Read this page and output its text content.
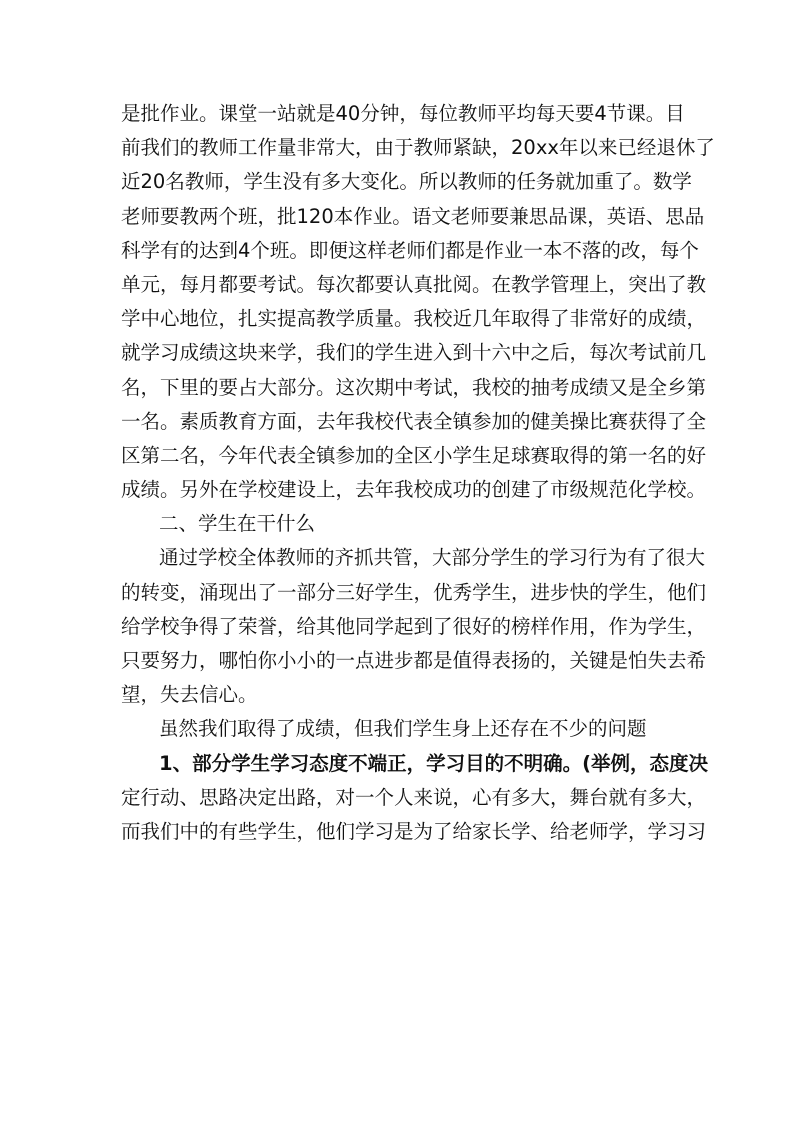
是批作业。课堂一站就是40分钟，每位教师平均每天要4节课。目
前我们的教师工作量非常大，由于教师紧缺，20xx年以来已经退休了
近20名教师，学生没有多大变化。所以教师的任务就加重了。数学
老师要教两个班，批120本作业。语文老师要兼思品课，英语、思品
科学有的达到4个班。即便这样老师们都是作业一本不落的改，每个
单元，每月都要考试。每次都要认真批阅。在教学管理上，突出了教
学中心地位，扎实提高教学质量。我校近几年取得了非常好的成绩，
就学习成绩这块来学，我们的学生进入到十六中之后，每次考试前几
名，下里的要占大部分。这次期中考试，我校的抽考成绩又是全乡第
一名。素质教育方面，去年我校代表全镇参加的健美操比赛获得了全
区第二名，今年代表全镇参加的全区小学生足球赛取得的第一名的好
成绩。另外在学校建设上，去年我校成功的创建了市级规范化学校。
二、学生在干什么
通过学校全体教师的齐抓共管，大部分学生的学习行为有了很大
的转变，涌现出了一部分三好学生，优秀学生，进步快的学生，他们
给学校争得了荣誉，给其他同学起到了很好的榜样作用，作为学生，
只要努力，哪怕你小小的一点进步都是值得表扬的，关键是怕失去希
望，失去信心。
虽然我们取得了成绩，但我们学生身上还存在不少的问题
1、部分学生学习态度不端正，学习目的不明确。(举例，态度决
定行动、思路决定出路，对一个人来说，心有多大，舞台就有多大，
而我们中的有些学生，他们学习是为了给家长学、给老师学，学习习
